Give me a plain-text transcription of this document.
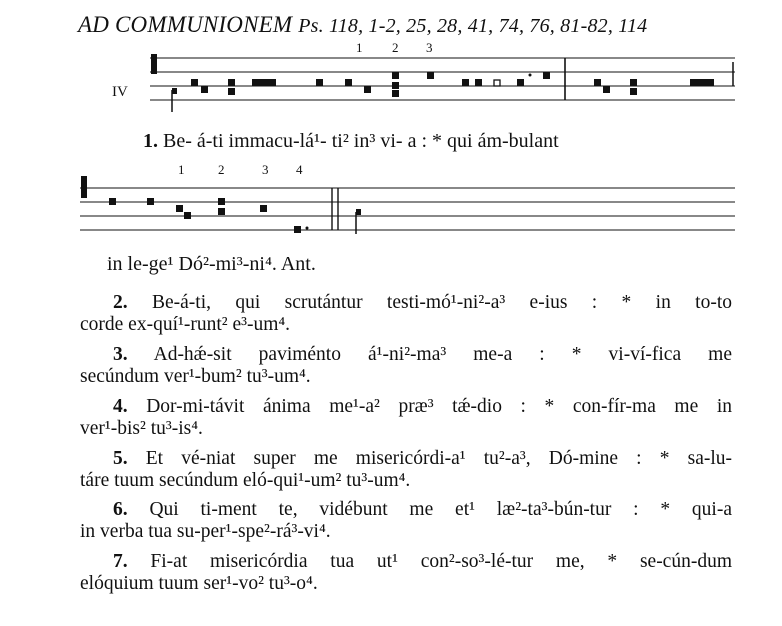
AD COMMUNIONEM Ps. 118, 1-2, 25, 28, 41, 74, 76, 81-82, 114
IV
1 2 3
1. Be- á-ti immacu-lá¹- ti² in³ vi- a : * qui ám-bulant
1	2	3 4
in le-ge¹ Dó²-mi³-ni⁴. Ant.

2. Be-á-ti, qui scrutántur testi-mó¹-ni²-a³ e-ius : * in to-to

corde ex-quí¹-runt² e³-um⁴.

3. Ad-hǽ-sit paviménto á¹-ni²-ma³ me-a : * vi-ví-fica me

secúndum ver¹-bum² tu³-um⁴.

4. Dor-mi-távit ánima me¹-a² præ³ tǽ-dio : * con-fír-ma me in

ver¹-bis² tu³-is⁴.

5. Et vé-niat super me misericórdi-a¹ tu²-a³, Dó-mine : * sa-lu-

táre tuum secúndum eló-qui¹-um² tu³-um⁴.

6. Qui ti-ment te, vidébunt me et¹ læ²-ta³-bún-tur : * qui-a

in verba tua su-per¹-spe²-rá³-vi⁴.

7. Fi-at misericórdia tua ut¹ con²-so³-lé-tur me, * se-cún-dum

elóquium tuum ser¹-vo² tu³-o⁴.
